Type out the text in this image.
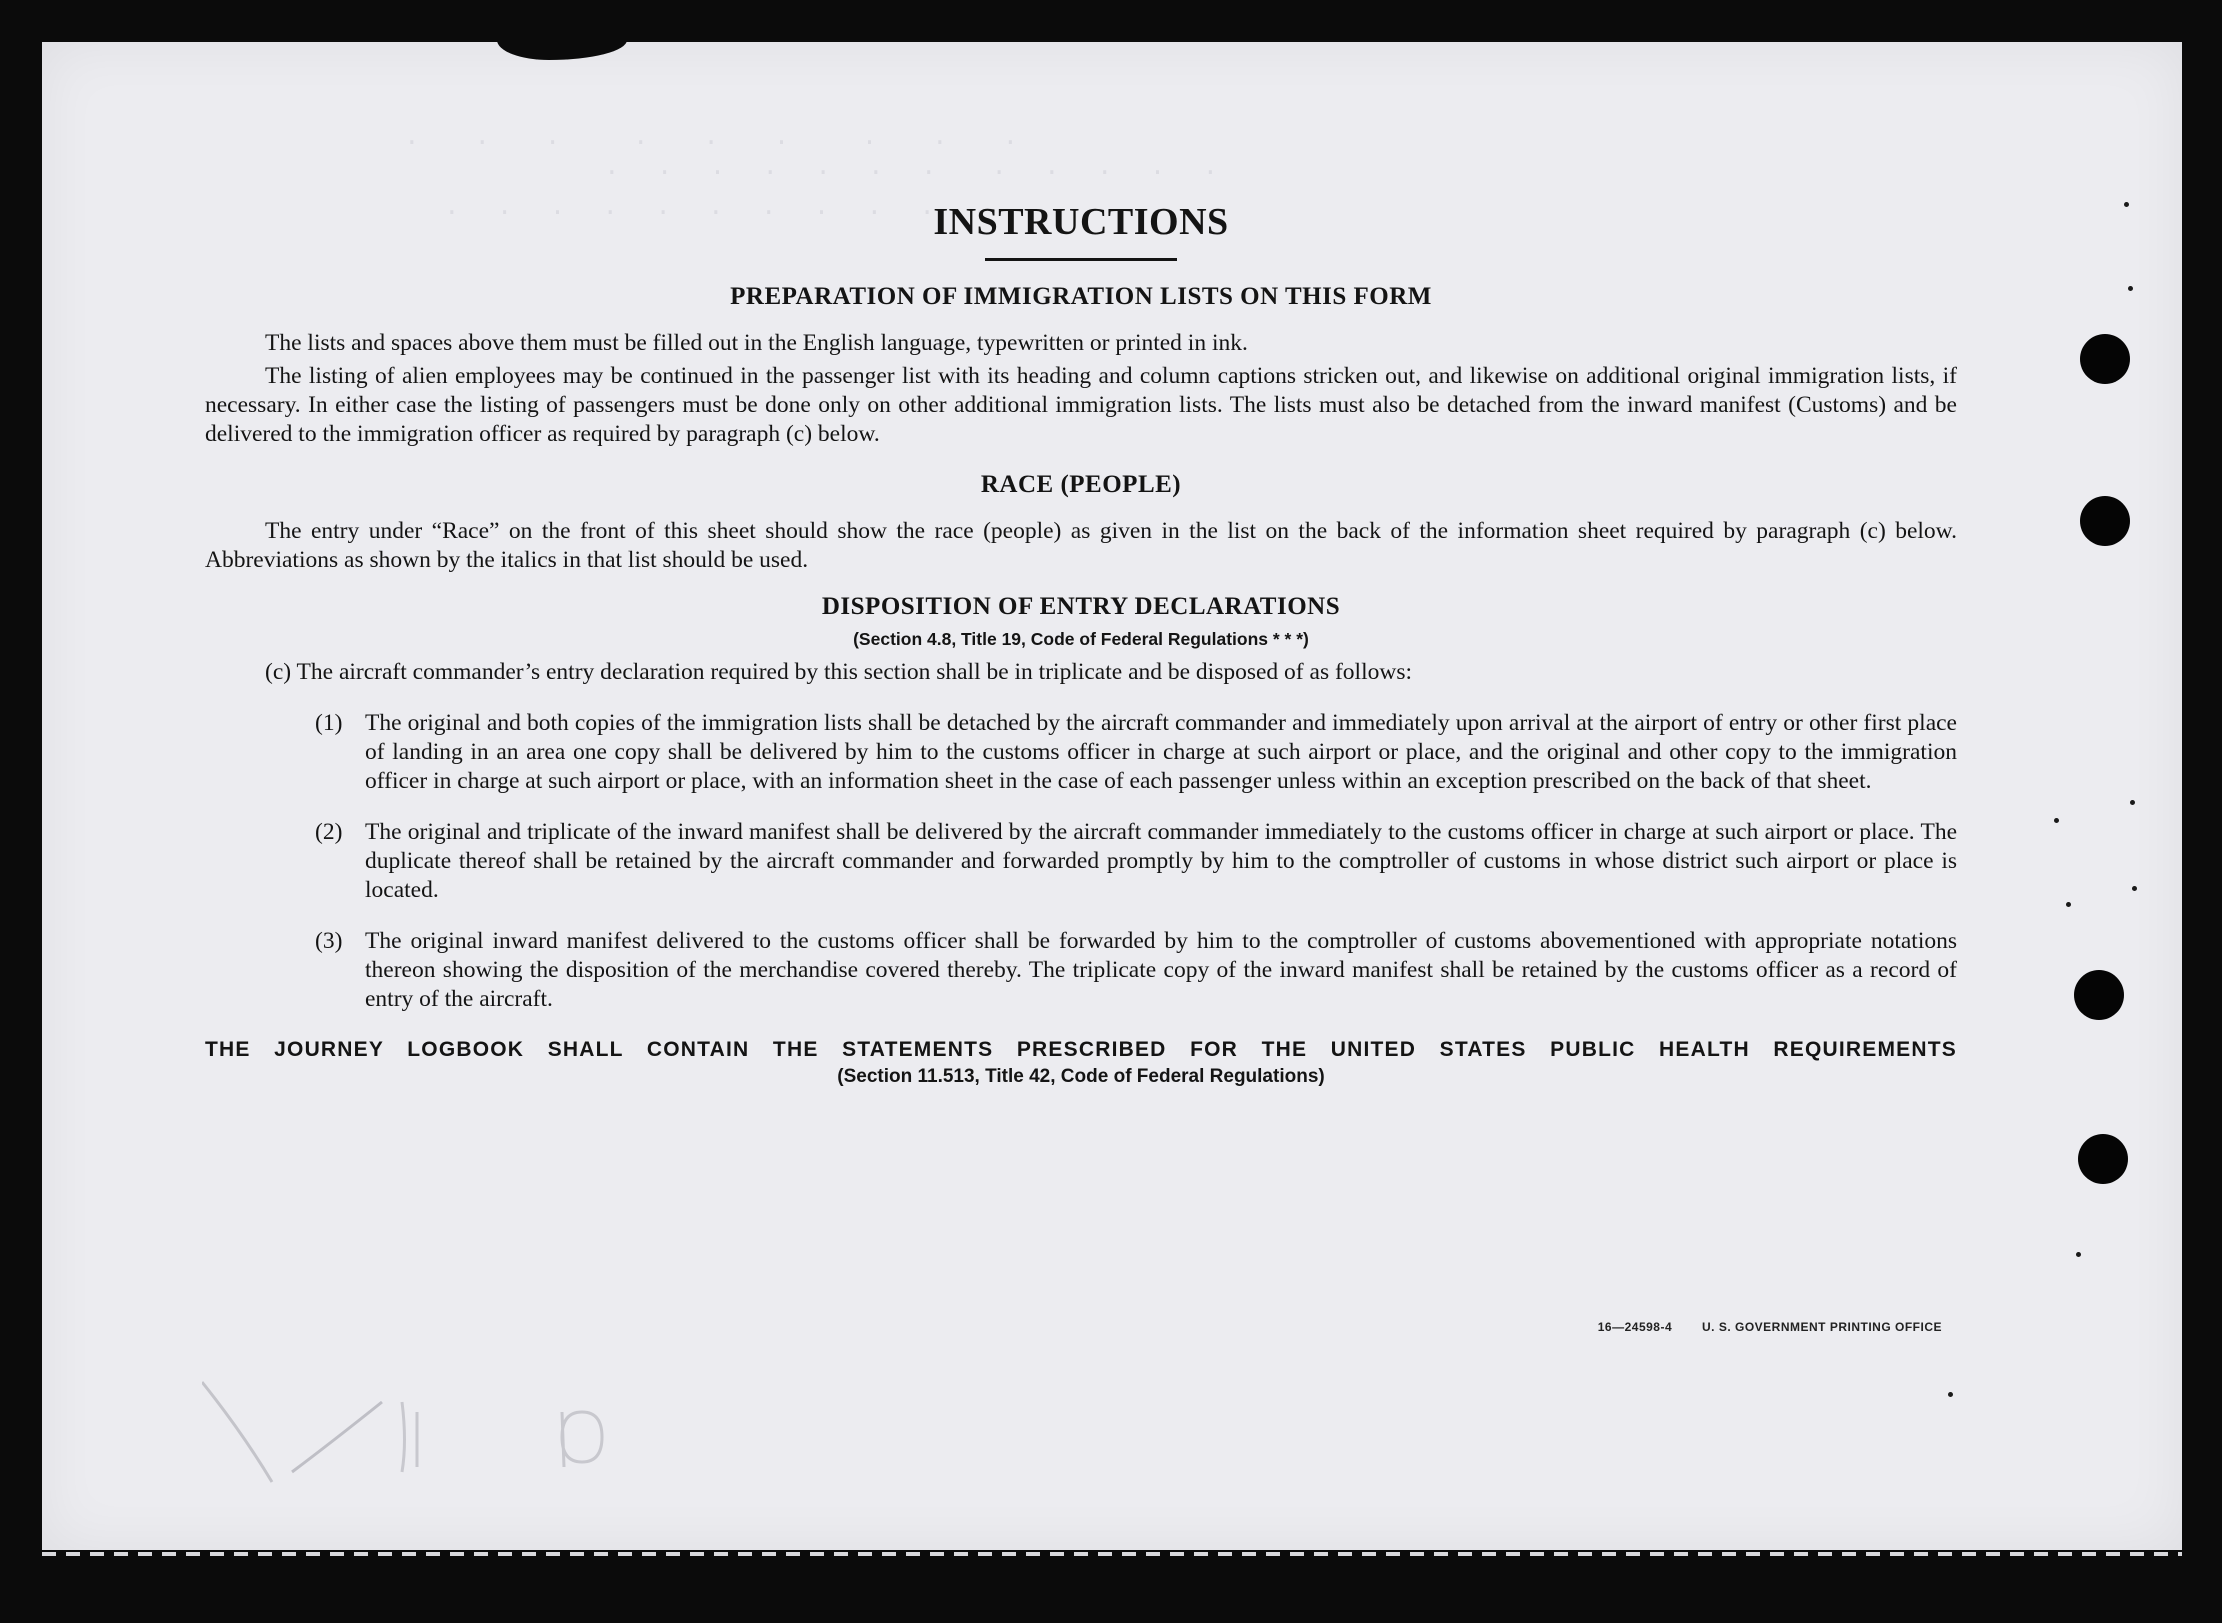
.   .   .    .   .   .    .   .   .
.  .  .  .  .   .  .  .  .  .  .  .
.  .  .  .  .  .  .  .  .  .  .
16—24598-4 U. S. GOVERNMENT PRINTING OFFICE
INSTRUCTIONS
PREPARATION OF IMMIGRATION LISTS ON THIS FORM

The lists and spaces above them must be filled out in the English language, typewritten or printed in ink.

The listing of alien employees may be continued in the passenger list with its heading and column captions stricken out, and likewise on additional original immigration lists, if necessary. In either case the listing of passengers must be done only on other additional immigration lists. The lists must also be detached from the inward manifest (Customs) and be delivered to the immigration officer as required by paragraph (c) below.

RACE (PEOPLE)

The entry under “Race” on the front of this sheet should show the race (people) as given in the list on the back of the information sheet required by paragraph (c) below. Abbreviations as shown by the italics in that list should be used.

DISPOSITION OF ENTRY DECLARATIONS
(Section 4.8, Title 19, Code of Federal Regulations * * *)

(c) The aircraft commander’s entry declaration required by this section shall be in triplicate and be disposed of as follows:

(1) The original and both copies of the immigration lists shall be detached by the aircraft commander and immediately upon arrival at the airport of entry or other first place of landing in an area one copy shall be delivered by him to the customs officer in charge at such airport or place, and the original and other copy to the immigration officer in charge at such airport or place, with an information sheet in the case of each passenger unless within an exception prescribed on the back of that sheet.
(2) The original and triplicate of the inward manifest shall be delivered by the aircraft commander immediately to the customs officer in charge at such airport or place. The duplicate thereof shall be retained by the aircraft commander and forwarded promptly by him to the comptroller of customs in whose district such airport or place is located.
(3) The original inward manifest delivered to the customs officer shall be forwarded by him to the comptroller of customs abovementioned with appropriate notations thereon showing the disposition of the merchandise covered thereby. The triplicate copy of the inward manifest shall be retained by the customs officer as a record of entry of the aircraft.
THE JOURNEY LOGBOOK SHALL CONTAIN THE STATEMENTS PRESCRIBED FOR THE UNITED STATES PUBLIC HEALTH REQUIREMENTS
(Section 11.513, Title 42, Code of Federal Regulations)
